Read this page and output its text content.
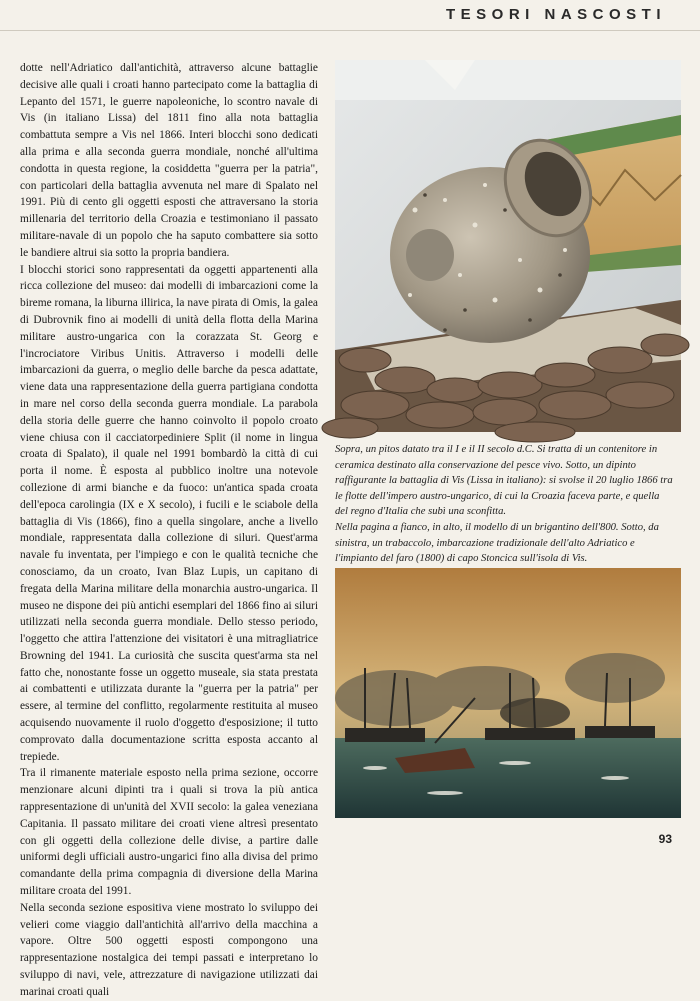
TESORI NASCOSTI

dotte nell'Adriatico dall'antichità, attraverso alcune battaglie decisive alle quali i croati hanno partecipato come la battaglia di Lepanto del 1571, le guerre napoleoniche, lo scontro navale di Vis (in italiano Lissa) del 1811 fino alla nota battaglia combattuta sempre a Vis nel 1866. Interi blocchi sono dedicati alla prima e alla seconda guerra mondiale, nonché all'ultima condotta in questa regione, la cosiddetta "guerra per la patria", con particolari della battaglia avvenuta nel mare di Spalato nel 1991. Più di cento gli oggetti esposti che attraversano la storia millenaria del territorio della Croazia e testimoniano il passato militare-navale di un popolo che ha saputo combattere sia sotto le bandiere altrui sia sotto la propria bandiera.

I blocchi storici sono rappresentati da oggetti appartenenti alla ricca collezione del museo: dai modelli di imbarcazioni come la bireme romana, la liburna illirica, la nave pirata di Omis, la galea di Dubrovnik fino ai modelli di unità della flotta della Marina militare austro-ungarica con la corazzata St. Georg e l'incrociatore Viribus Unitis. Attraverso i modelli delle imbarcazioni da guerra, o meglio delle barche da pesca adattate, viene data una rappresentazione della guerra partigiana condotta in mare nel corso della seconda guerra mondiale. La parabola della storia delle guerre che hanno coinvolto il popolo croato viene chiusa con il cacciatorpediniere Split (il nome in lingua croata di Spalato), il quale nel 1991 bombardò la città di cui porta il nome. È esposta al pubblico inoltre una notevole collezione di armi bianche e da fuoco: un'antica spada croata dell'epoca carolingia (IX e X secolo), i fucili e le sciabole della battaglia di Vis (1866), fino a quella singolare, anche a livello mondiale, rappresentata dalla collezione di siluri. Quest'arma navale fu inventata, per l'impiego e con le qualità tecniche che conosciamo, da un croato, Ivan Blaz Lupis, un capitano di fregata della Marina militare della monarchia austro-ungarica. Il museo ne dispone dei più antichi esemplari del 1866 fino ai siluri utilizzati nella seconda guerra mondiale. Dello stesso periodo, l'oggetto che attira l'attenzione dei visitatori è una mitragliatrice Browning del 1941. La curiosità che suscita quest'arma sta nel fatto che, nonostante fosse un oggetto museale, sia stata prestata ai combattenti e utilizzata durante la "guerra per la patria" per essere, al termine del conflitto, regolarmente restituita al museo acquisendo nuovamente il ruolo d'oggetto d'esposizione; il tutto comprovato dalla documentazione scritta esposta accanto al trepiede.

Tra il rimanente materiale esposto nella prima sezione, occorre menzionare alcuni dipinti tra i quali si trova la più antica rappresentazione di un'unità del XVII secolo: la galea veneziana Capitania. Il passato militare dei croati viene altresì presentato con gli oggetti della collezione delle divise, a partire dalle uniformi degli ufficiali austro-ungarici fino alla divisa del primo comandante della prima compagnia di diversione della Marina militare croata del 1991.

Nella seconda sezione espositiva viene mostrato lo sviluppo dei velieri come viaggio dall'antichità all'arrivo della macchina a vapore. Oltre 500 oggetti esposti compongono una rappresentazione nostalgica dei tempi passati e interpretano lo sviluppo di navi, vele, attrezzature di navigazione utilizzati dai marinai croati quali

Sopra, un pitos datato tra il I e il II secolo d.C. Si tratta di un contenitore in ceramica destinato alla conservazione del pesce vivo. Sotto, un dipinto raffigurante la battaglia di Vis (Lissa in italiano): si svolse il 20 luglio 1866 tra le flotte dell'impero austro-ungarico, di cui la Croazia faceva parte, e quella del regno d'Italia che subì una sconfitta.

Nella pagina a fianco, in alto, il modello di un brigantino dell'800. Sotto, da sinistra, un trabaccolo, imbarcazione tradizionale dell'alto Adriatico e l'impianto del faro (1800) di capo Stoncica sull'isola di Vis.

93
